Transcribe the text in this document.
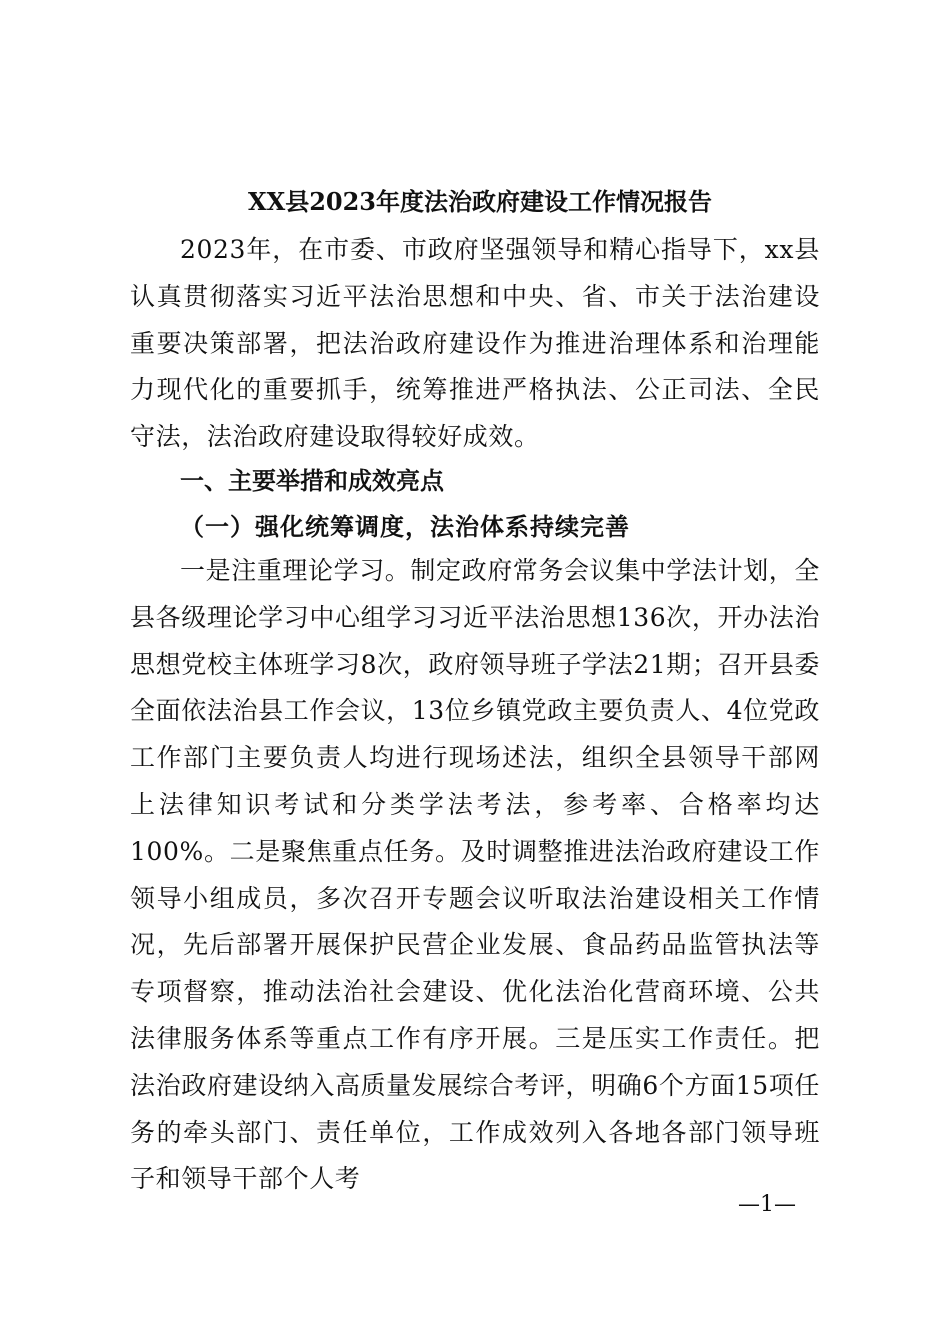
XX县2023年度法治政府建设工作情况报告

2023年，在市委、市政府坚强领导和精心指导下，xx县认真贯彻落实习近平法治思想和中央、省、市关于法治建设重要决策部署，把法治政府建设作为推进治理体系和治理能力现代化的重要抓手，统筹推进严格执法、公正司法、全民守法，法治政府建设取得较好成效。

一、主要举措和成效亮点
（一）强化统筹调度，法治体系持续完善

一是注重理论学习。制定政府常务会议集中学法计划，全县各级理论学习中心组学习习近平法治思想136次，开办法治思想党校主体班学习8次，政府领导班子学法21期；召开县委全面依法治县工作会议，13位乡镇党政主要负责人、4位党政工作部门主要负责人均进行现场述法，组织全县领导干部网上法律知识考试和分类学法考法，参考率、合格率均达100%。二是聚焦重点任务。及时调整推进法治政府建设工作领导小组成员，多次召开专题会议听取法治建设相关工作情况，先后部署开展保护民营企业发展、食品药品监管执法等专项督察，推动法治社会建设、优化法治化营商环境、公共法律服务体系等重点工作有序开展。三是压实工作责任。把法治政府建设纳入高质量发展综合考评，明确6个方面15项任务的牵头部门、责任单位，工作成效列入各地各部门领导班子和领导干部个人考

—1—
